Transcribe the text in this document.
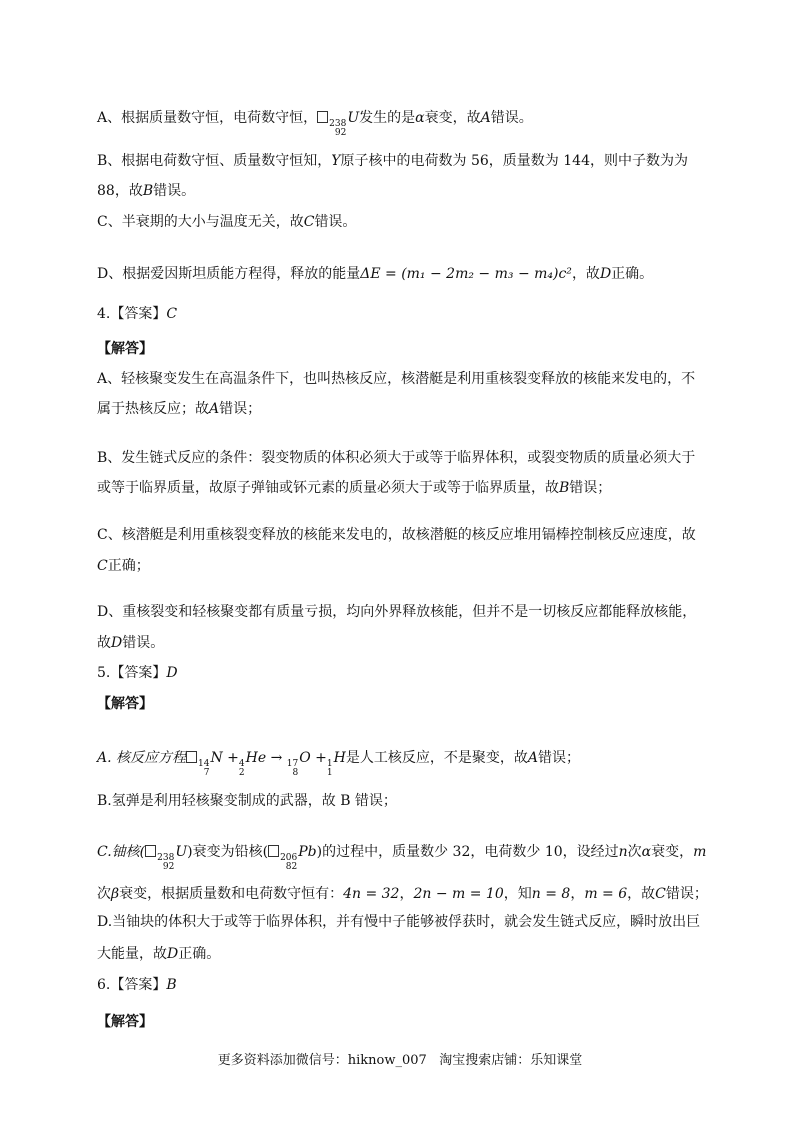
A、根据质量数守恒，电荷数守恒， 238
92
U发生的是α衰变，故A错误。
B、根据电荷数守恒、质量数守恒知，Y原子核中的电荷数为 56，质量数为 144，则中子数为为
88，故B错误。
C、半衰期的大小与温度无关，故C错误。
D、根据爱因斯坦质能方程得，释放的能量ΔE = (m₁ − 2m₂ − m₃ − m₄)c²，故D正确。
4.【答案】C
【解答】
A、轻核聚变发生在高温条件下，也叫热核反应，核潜艇是利用重核裂变释放的核能来发电的，不
属于热核反应；故A错误；
B、发生链式反应的条件：裂变物质的体积必须大于或等于临界体积，或裂变物质的质量必须大于
或等于临界质量，故原子弹铀或钚元素的质量必须大于或等于临界质量，故B错误；
C、核潜艇是利用重核裂变释放的核能来发电的，故核潜艇的核反应堆用镉棒控制核反应速度，故
C正确；
D、重核裂变和轻核聚变都有质量亏损，均向外界释放核能，但并不是一切核反应都能释放核能，
故D错误。
5.【答案】D
【解答】
A. 核反应方程 14
7
N + 4
2
He → 17
8
O + 1
1
H是人工核反应，不是聚变，故A错误；
B.氢弹是利用轻核聚变制成的武器，故 B 错误；
C.铀核( 238
92
U)衰变为铅核( 206
82
Pb)的过程中，质量数少 32，电荷数少 10，设经过n次α衰变，m
次β衰变，根据质量数和电荷数守恒有：4n = 32，2n − m = 10，知n = 8，m = 6，故C错误；
D.当铀块的体积大于或等于临界体积，并有慢中子能够被俘获时，就会发生链式反应，瞬时放出巨
大能量，故D正确。
6.【答案】B
【解答】
更多资料添加微信号：hiknow_007   淘宝搜索店铺：乐知课堂
